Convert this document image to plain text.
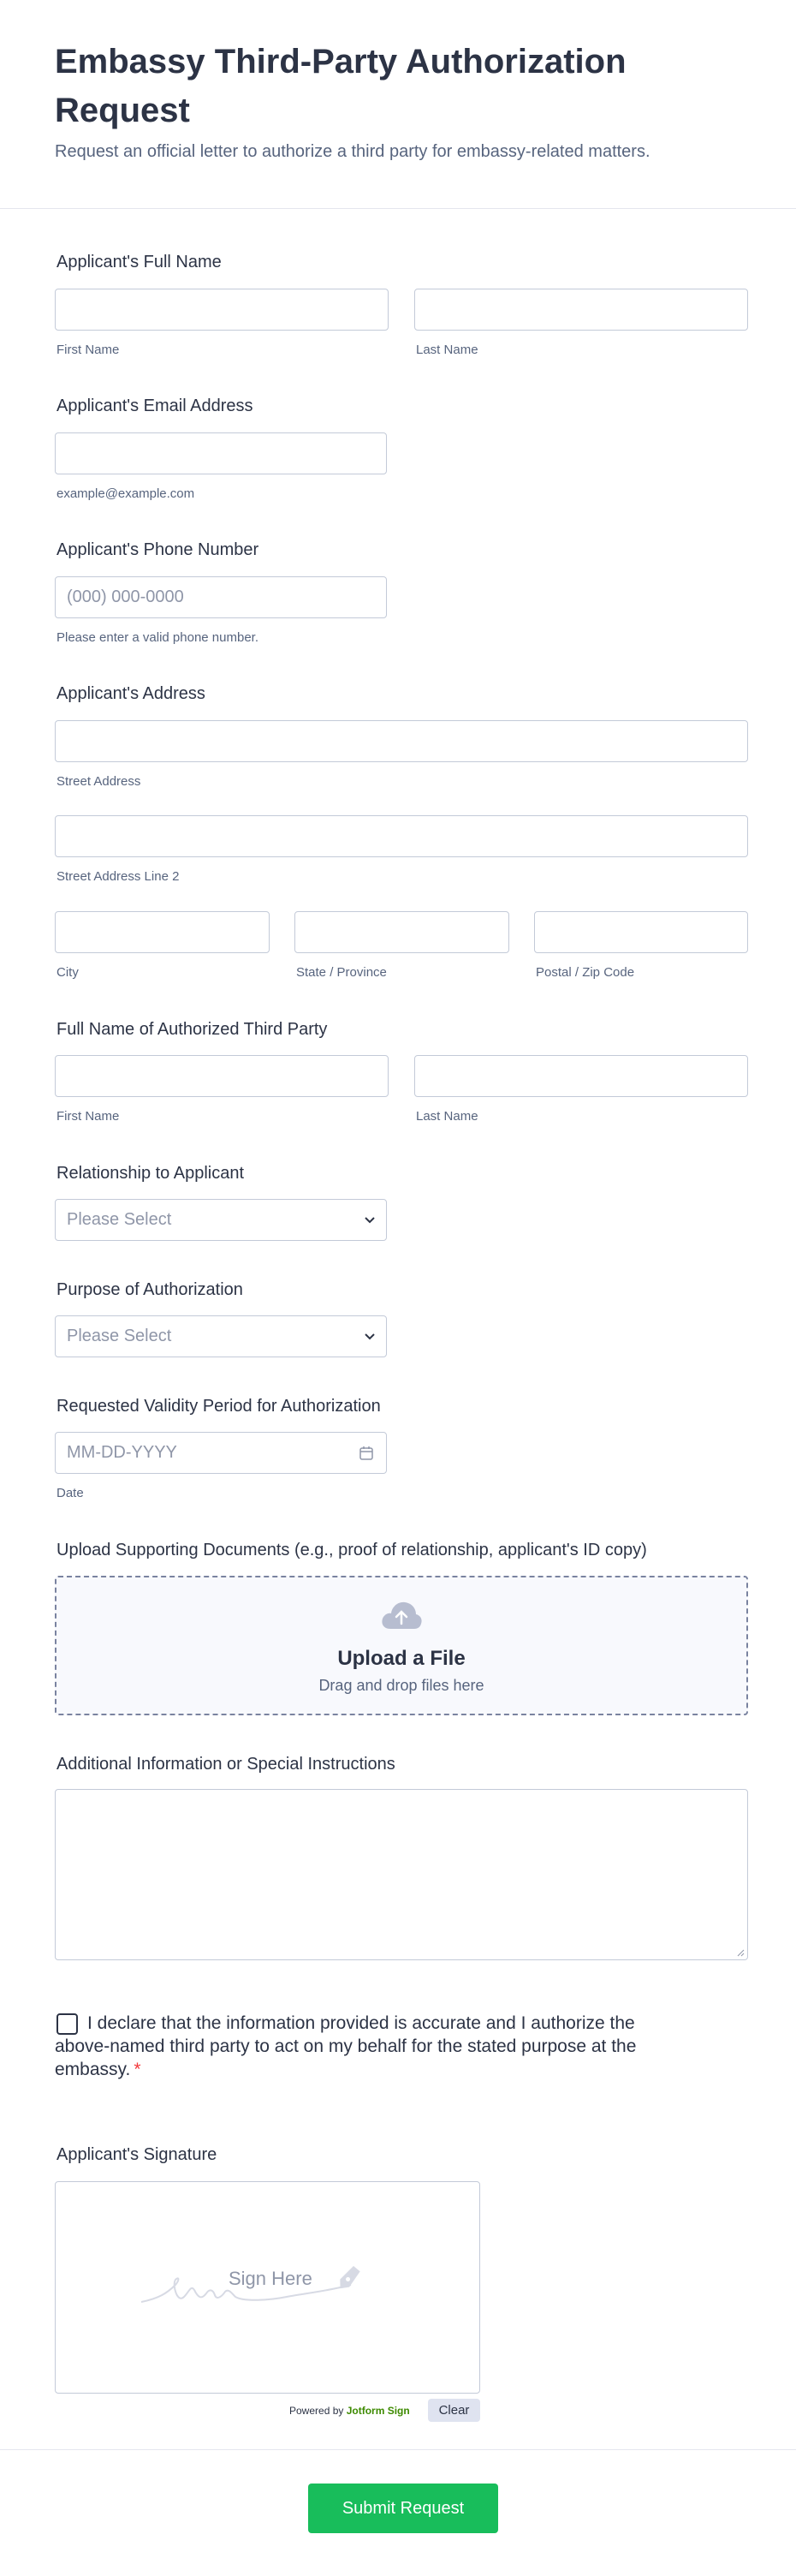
Embassy Third-Party Authorization Request
Request an official letter to authorize a third party for embassy-related matters.
Applicant's Full Name
First Name	Last Name
Applicant's Email Address
example@example.com
Applicant's Phone Number
(000) 000-0000
Please enter a valid phone number.
Applicant's Address
Street Address
Street Address Line 2
City	State / Province	Postal / Zip Code
Full Name of Authorized Third Party
First Name	Last Name
Relationship to Applicant
Please Select
Purpose of Authorization
Please Select
Requested Validity Period for Authorization
MM-DD-YYYY
Date
Upload Supporting Documents (e.g., proof of relationship, applicant's ID copy)
Upload a File
Drag and drop files here
Additional Information or Special Instructions
I declare that the information provided is accurate and I authorize the above-named third party to act on my behalf for the stated purpose at the embassy. *
Applicant's Signature
Sign Here
Powered by Jotform Sign	Clear
Submit Request
